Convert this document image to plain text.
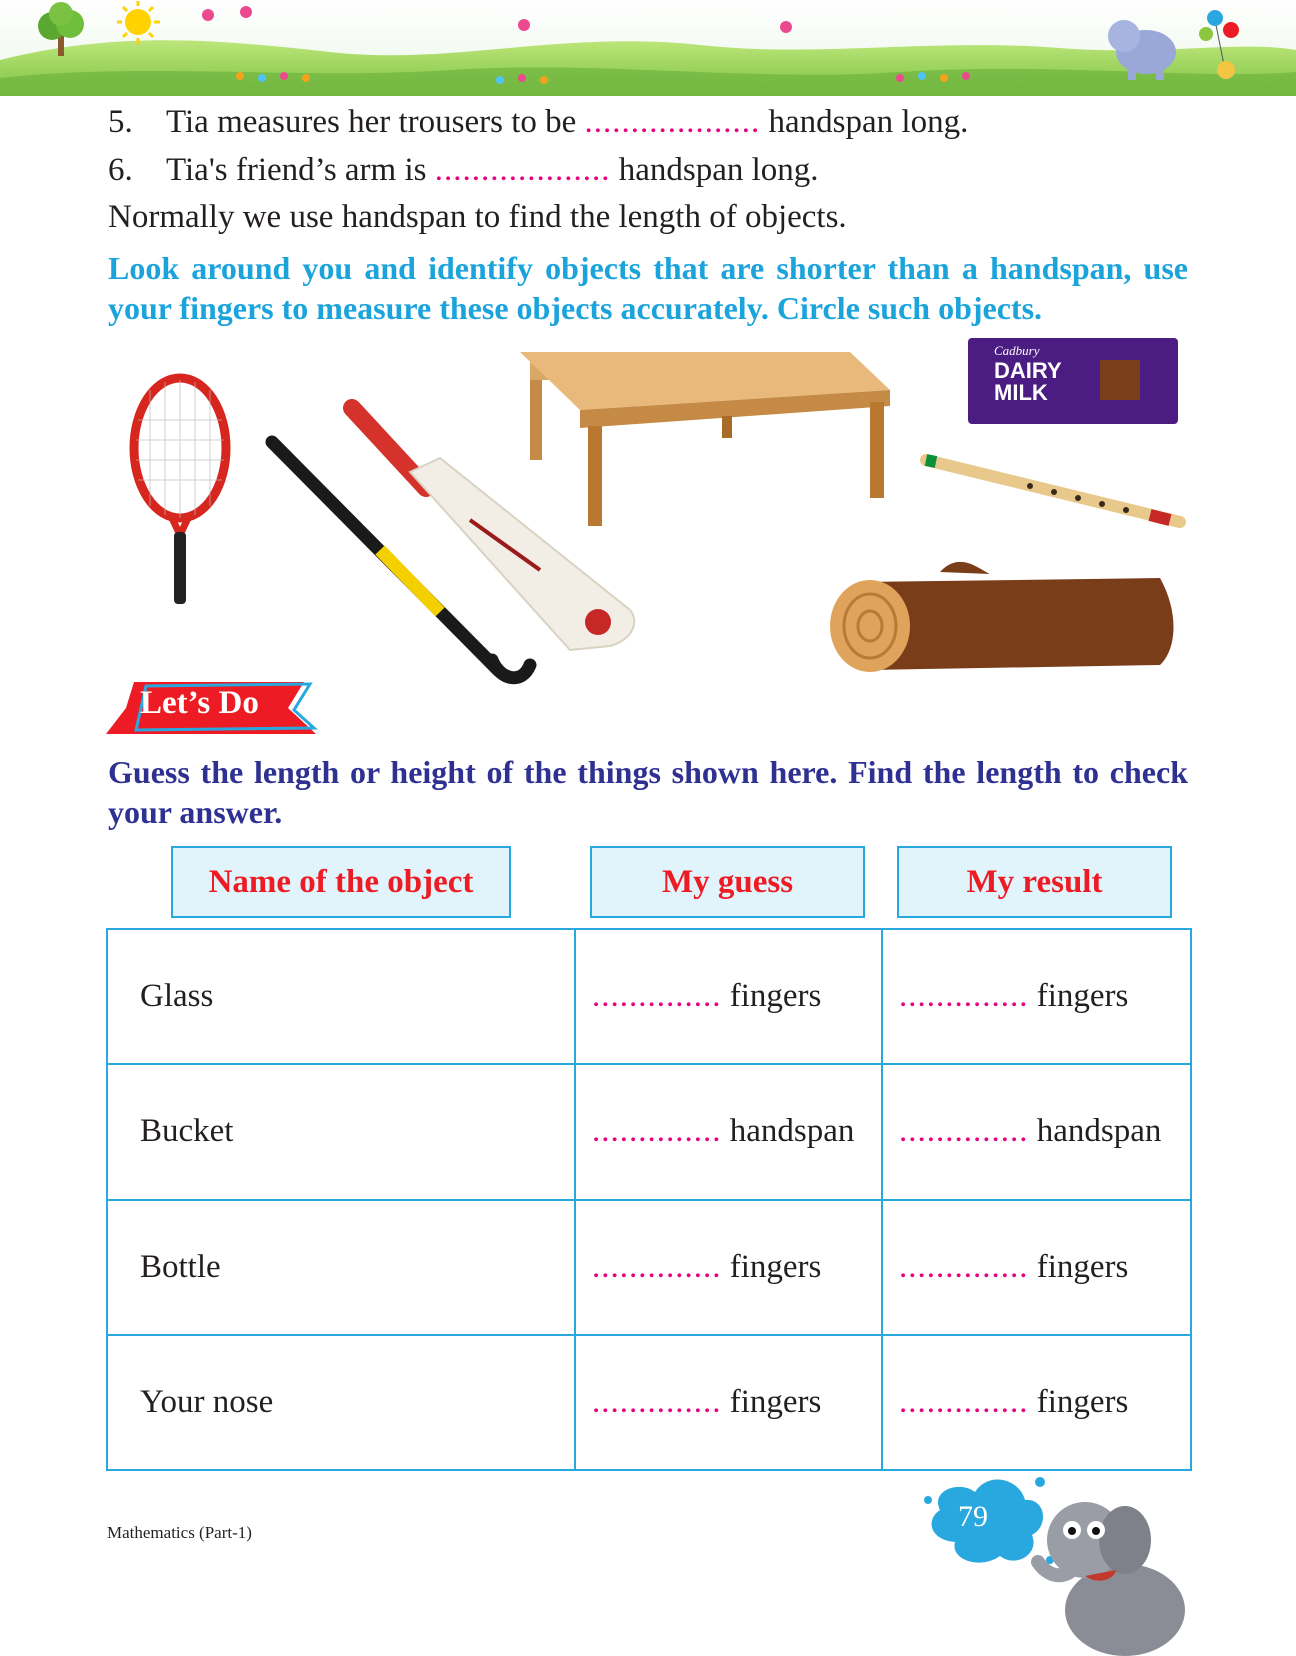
5. Tia measures her trousers to be ................... handspan long.
6. Tia's friend’s arm is ................... handspan long.
Normally we use handspan to find the length of objects.
Look around you and identify objects that are shorter than a handspan, use your fingers to measure these objects accurately. Circle such objects.
Cadbury
DAIRY
MILK
Let’s Do
Guess the length or height of the things shown here. Find the length to check your answer.
Name of the object	My guess	My result
Glass	.............. fingers	.............. fingers
Bucket	.............. handspan	.............. handspan
Bottle	.............. fingers	.............. fingers
Your nose	.............. fingers	.............. fingers
Mathematics (Part-1)	79
